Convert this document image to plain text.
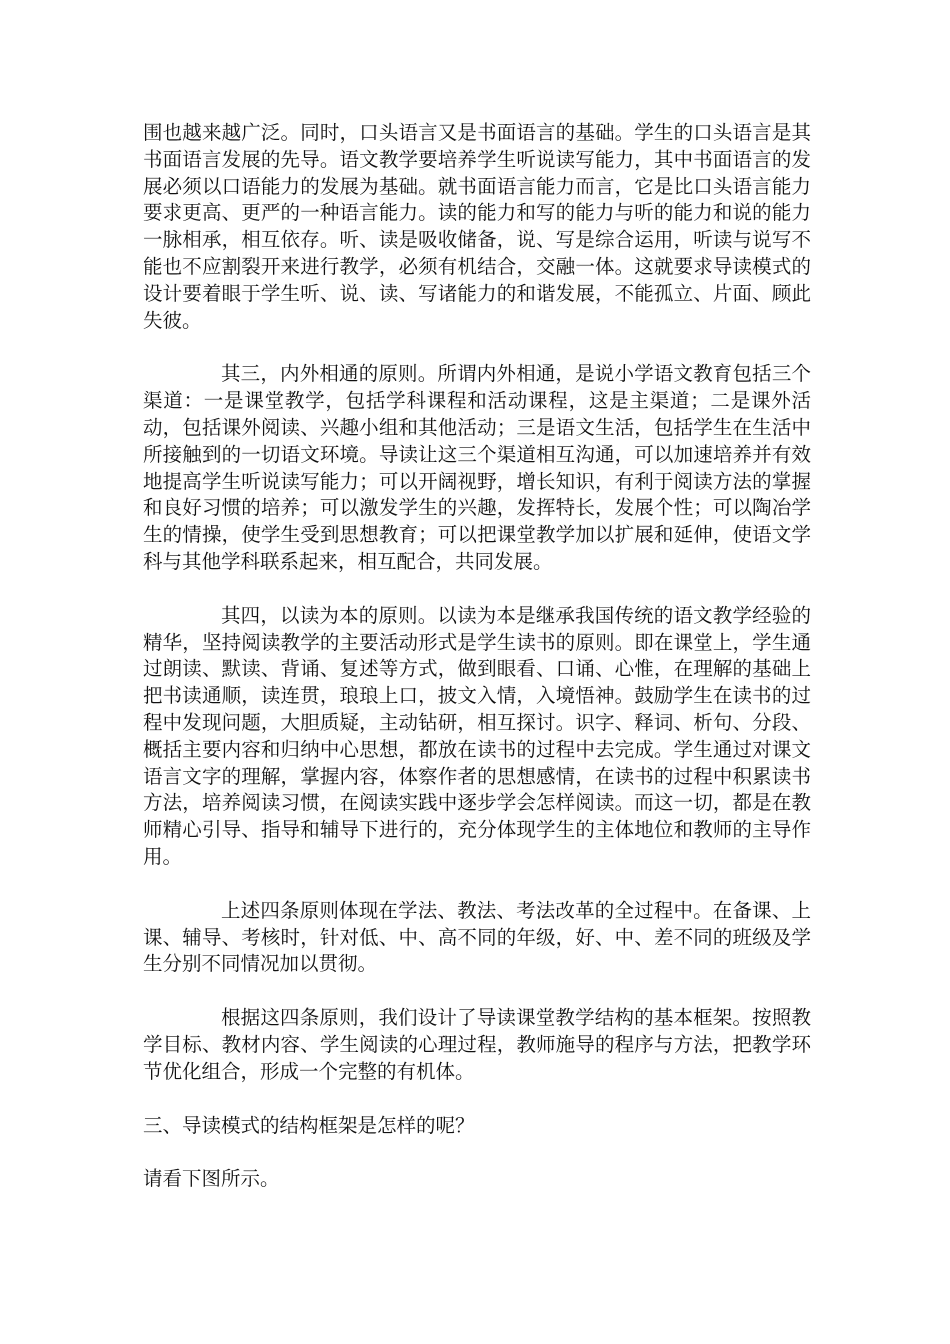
围也越来越广泛。同时，口头语言又是书面语言的基础。学生的口头语言是其书面语言发展的先导。语文教学要培养学生听说读写能力，其中书面语言的发展必须以口语能力的发展为基础。就书面语言能力而言，它是比口头语言能力要求更高、更严的一种语言能力。读的能力和写的能力与听的能力和说的能力一脉相承，相互依存。听、读是吸收储备，说、写是综合运用，听读与说写不能也不应割裂开来进行教学，必须有机结合，交融一体。这就要求导读模式的设计要着眼于学生听、说、读、写诸能力的和谐发展，不能孤立、片面、顾此失彼。

其三，内外相通的原则。所谓内外相通，是说小学语文教育包括三个渠道：一是课堂教学，包括学科课程和活动课程，这是主渠道；二是课外活动，包括课外阅读、兴趣小组和其他活动；三是语文生活，包括学生在生活中所接触到的一切语文环境。导读让这三个渠道相互沟通，可以加速培养并有效地提高学生听说读写能力；可以开阔视野，增长知识，有利于阅读方法的掌握和良好习惯的培养；可以激发学生的兴趣，发挥特长，发展个性；可以陶冶学生的情操，使学生受到思想教育；可以把课堂教学加以扩展和延伸，使语文学科与其他学科联系起来，相互配合，共同发展。

其四，以读为本的原则。以读为本是继承我国传统的语文教学经验的精华，坚持阅读教学的主要活动形式是学生读书的原则。即在课堂上，学生通过朗读、默读、背诵、复述等方式，做到眼看、口诵、心惟，在理解的基础上把书读通顺，读连贯，琅琅上口，披文入情，入境悟神。鼓励学生在读书的过程中发现问题，大胆质疑，主动钻研，相互探讨。识字、释词、析句、分段、概括主要内容和归纳中心思想，都放在读书的过程中去完成。学生通过对课文语言文字的理解，掌握内容，体察作者的思想感情，在读书的过程中积累读书方法，培养阅读习惯，在阅读实践中逐步学会怎样阅读。而这一切，都是在教师精心引导、指导和辅导下进行的，充分体现学生的主体地位和教师的主导作用。

上述四条原则体现在学法、教法、考法改革的全过程中。在备课、上课、辅导、考核时，针对低、中、高不同的年级，好、中、差不同的班级及学生分别不同情况加以贯彻。

根据这四条原则，我们设计了导读课堂教学结构的基本框架。按照教学目标、教材内容、学生阅读的心理过程，教师施导的程序与方法，把教学环节优化组合，形成一个完整的有机体。

三、导读模式的结构框架是怎样的呢？

请看下图所示。
